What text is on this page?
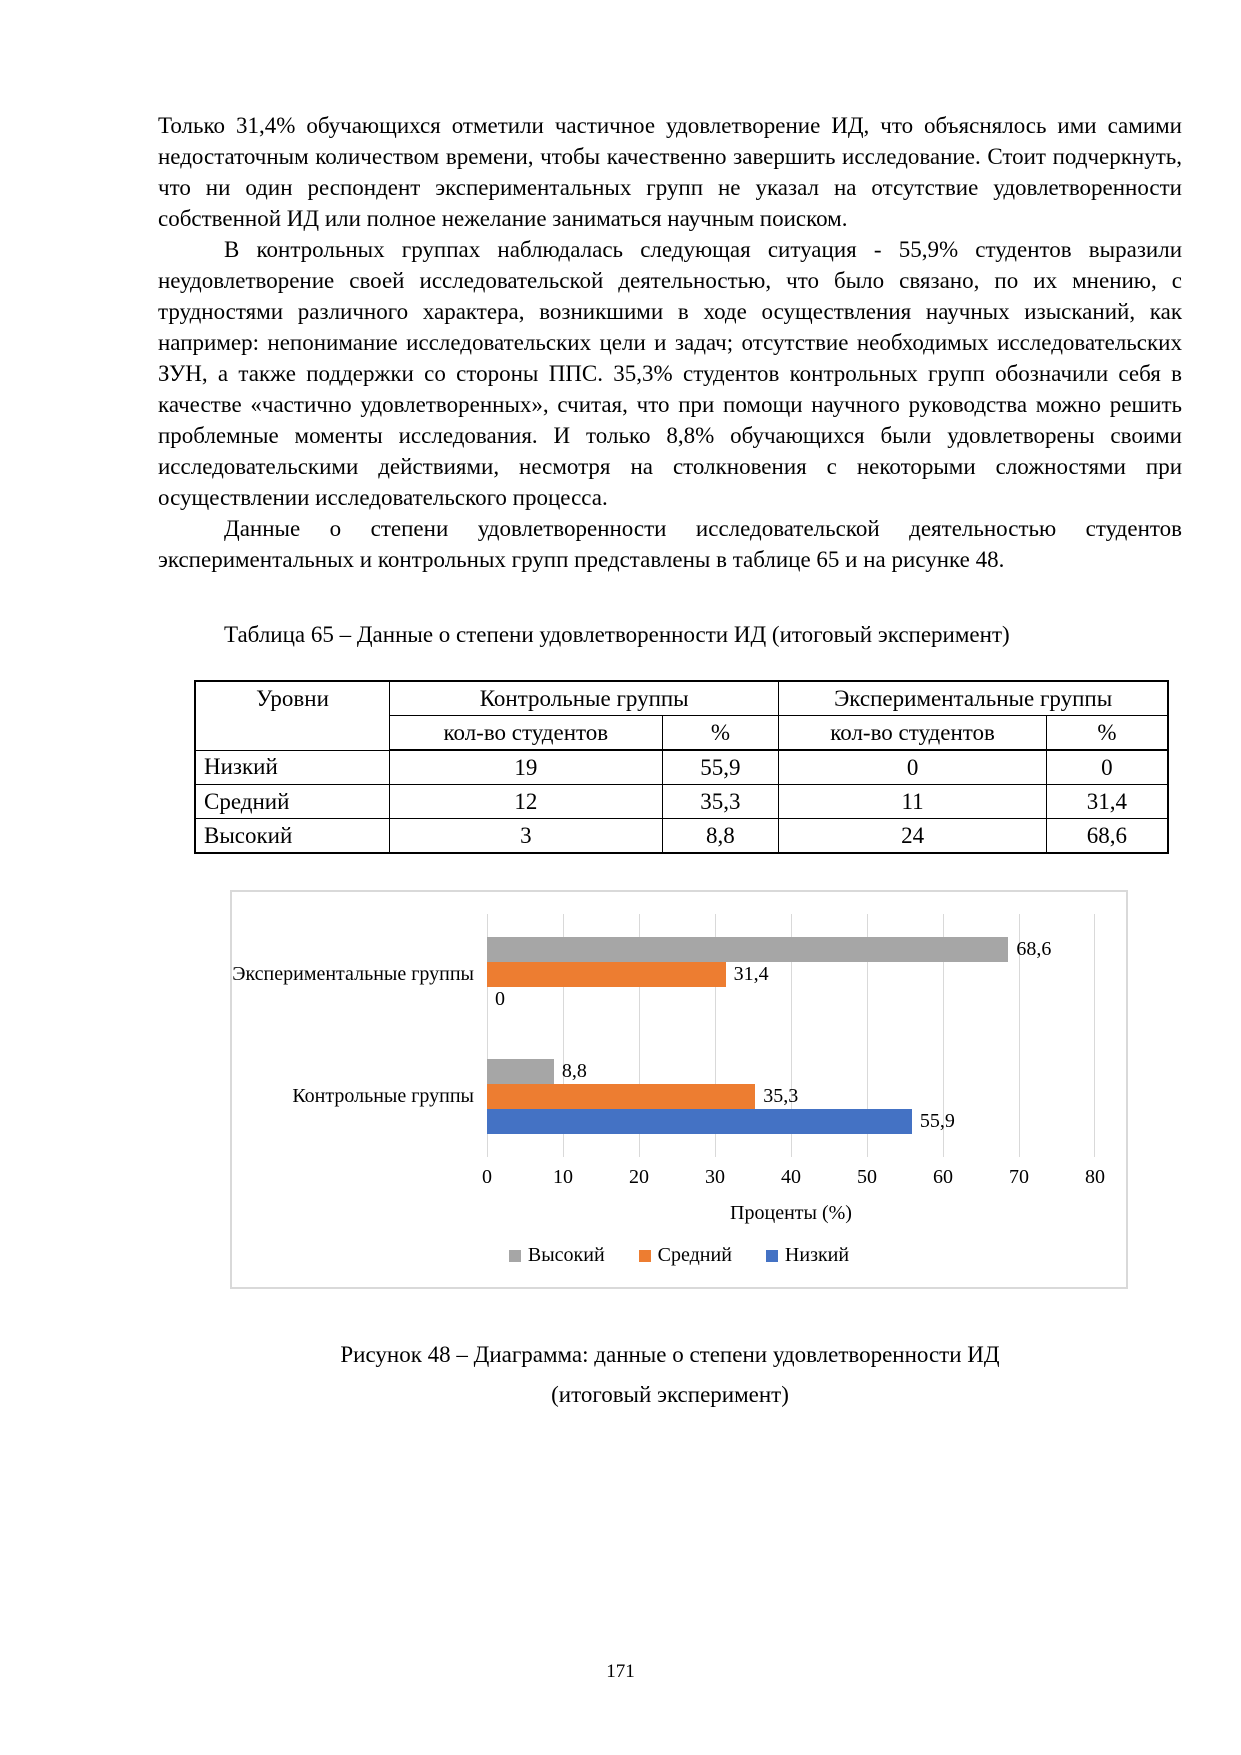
Только 31,4% обучающихся отметили частичное удовлетворение ИД, что объяснялось ими самими недостаточным количеством времени, чтобы качественно завершить исследование. Стоит подчеркнуть, что ни один респондент экспериментальных групп не указал на отсутствие удовлетворенности собственной ИД или полное нежелание заниматься научным поиском.

В контрольных группах наблюдалась следующая ситуация - 55,9% студентов выразили неудовлетворение своей исследовательской деятельностью, что было связано, по их мнению, с трудностями различного характера, возникшими в ходе осуществления научных изысканий, как например: непонимание исследовательских цели и задач; отсутствие необходимых исследовательских ЗУН, а также поддержки со стороны ППС. 35,3% студентов контрольных групп обозначили себя в качестве «частично удовлетворенных», считая, что при помощи научного руководства можно решить проблемные моменты исследования. И только 8,8% обучающихся были удовлетворены своими исследовательскими действиями, несмотря на столкновения с некоторыми сложностями при осуществлении исследовательского процесса.

Данные о степени удовлетворенности исследовательской деятельностью студентов экспериментальных и контрольных групп представлены в таблице 65 и на рисунке 48.

Таблица 65 – Данные о степени удовлетворенности ИД (итоговый эксперимент)
Уровни	Контрольные группы		Экспериментальные группы	
	кол-во студентов	%	кол-во студентов	%
Низкий	19	55,9	0	0
Средний	12	35,3	11	31,4
Высокий	3	8,8	24	68,6
Экспериментальные группы
Контрольные группы
68,6
31,4
0
8,8
35,3
55,9
0	10	20	30	40	50	60	70	80
Проценты (%)
Высокий	Средний	Низкий
Рисунок 48 – Диаграмма: данные о степени удовлетворенности ИД
(итоговый эксперимент)
171
